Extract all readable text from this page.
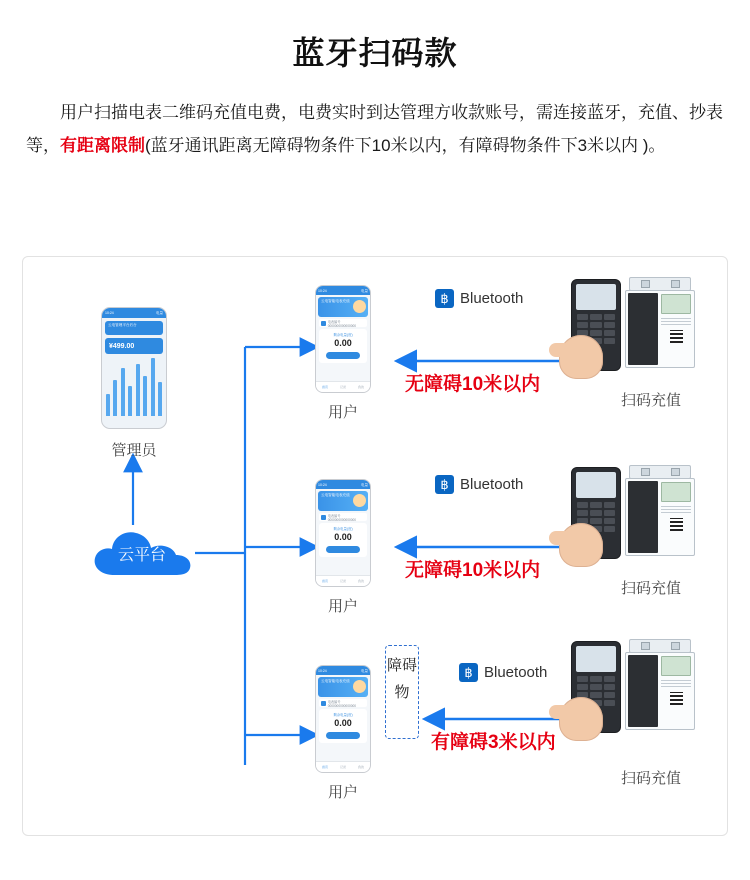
蓝牙扫码款

用户扫描电表二维码充值电费，电费实时到达管理方收款账号，需连接蓝牙，充值、抄表等，有距离限制(蓝牙通讯距离无障碍物条件下10米以内，有障碍物条件下3米以内 )。

10:24	电量
云电管理平台后台
¥499.00
管理员
云平台
10:24	电量
云电智能电表充值
电表编号 0000000000000000
剩余电量(度)
0.00
首页	记录	我的
用户
10:24	电量
云电智能电表充值
电表编号 0000000000000000
剩余电量(度)
0.00
首页	记录	我的
用户
10:24	电量
云电智能电表充值
电表编号 0000000000000000
剩余电量(度)
0.00
首页	记录	我的
用户
障碍物
฿ Bluetooth
฿ Bluetooth
฿ Bluetooth
无障碍10米以内
无障碍10米以内
有障碍3米以内
扫码充值
扫码充值
扫码充值
